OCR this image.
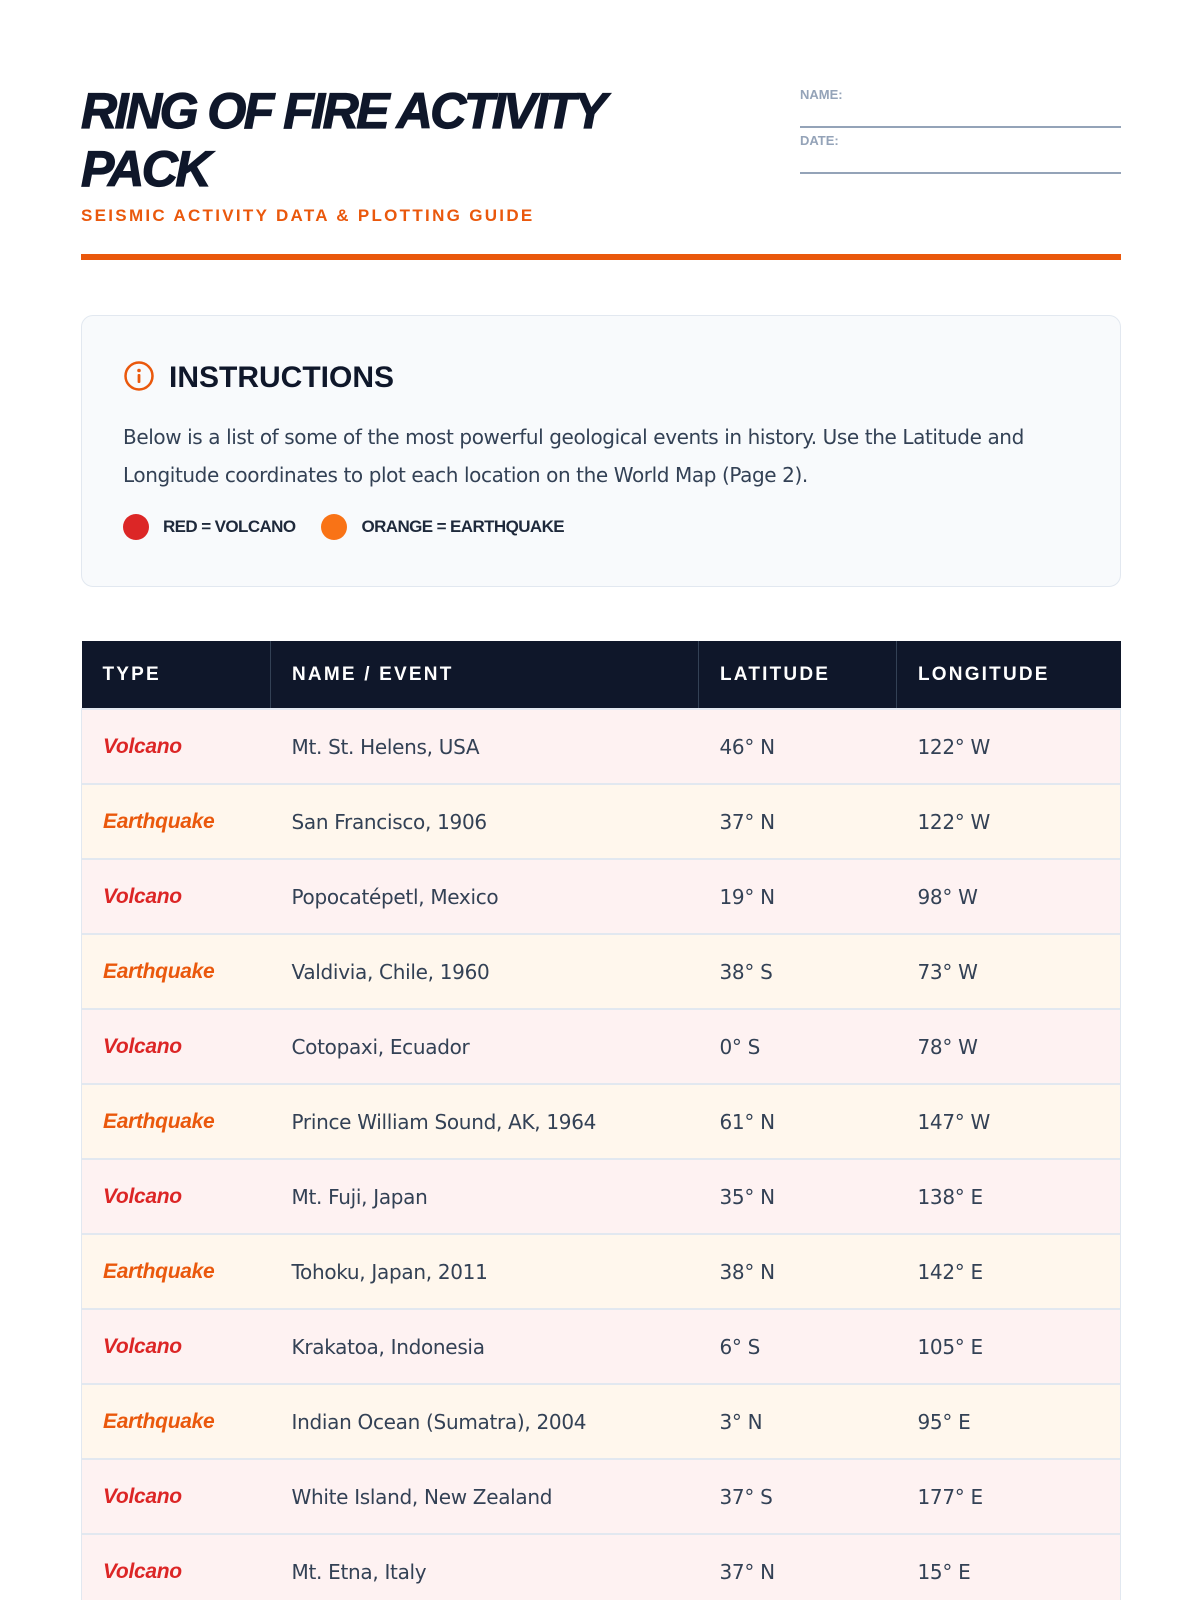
RING OF FIRE ACTIVITY PACK
SEISMIC ACTIVITY DATA & PLOTTING GUIDE
NAME:
DATE:
INSTRUCTIONS

Below is a list of some of the most powerful geological events in history. Use the Latitude and Longitude coordinates to plot each location on the World Map (Page 2).

RED = VOLCANO	ORANGE = EARTHQUAKE
TYPE	NAME / EVENT	LATITUDE	LONGITUDE
Volcano	Mt. St. Helens, USA	46° N	122° W
Earthquake	San Francisco, 1906	37° N	122° W
Volcano	Popocatépetl, Mexico	19° N	98° W
Earthquake	Valdivia, Chile, 1960	38° S	73° W
Volcano	Cotopaxi, Ecuador	0° S	78° W
Earthquake	Prince William Sound, AK, 1964	61° N	147° W
Volcano	Mt. Fuji, Japan	35° N	138° E
Earthquake	Tohoku, Japan, 2011	38° N	142° E
Volcano	Krakatoa, Indonesia	6° S	105° E
Earthquake	Indian Ocean (Sumatra), 2004	3° N	95° E
Volcano	White Island, New Zealand	37° S	177° E
Volcano	Mt. Etna, Italy	37° N	15° E
